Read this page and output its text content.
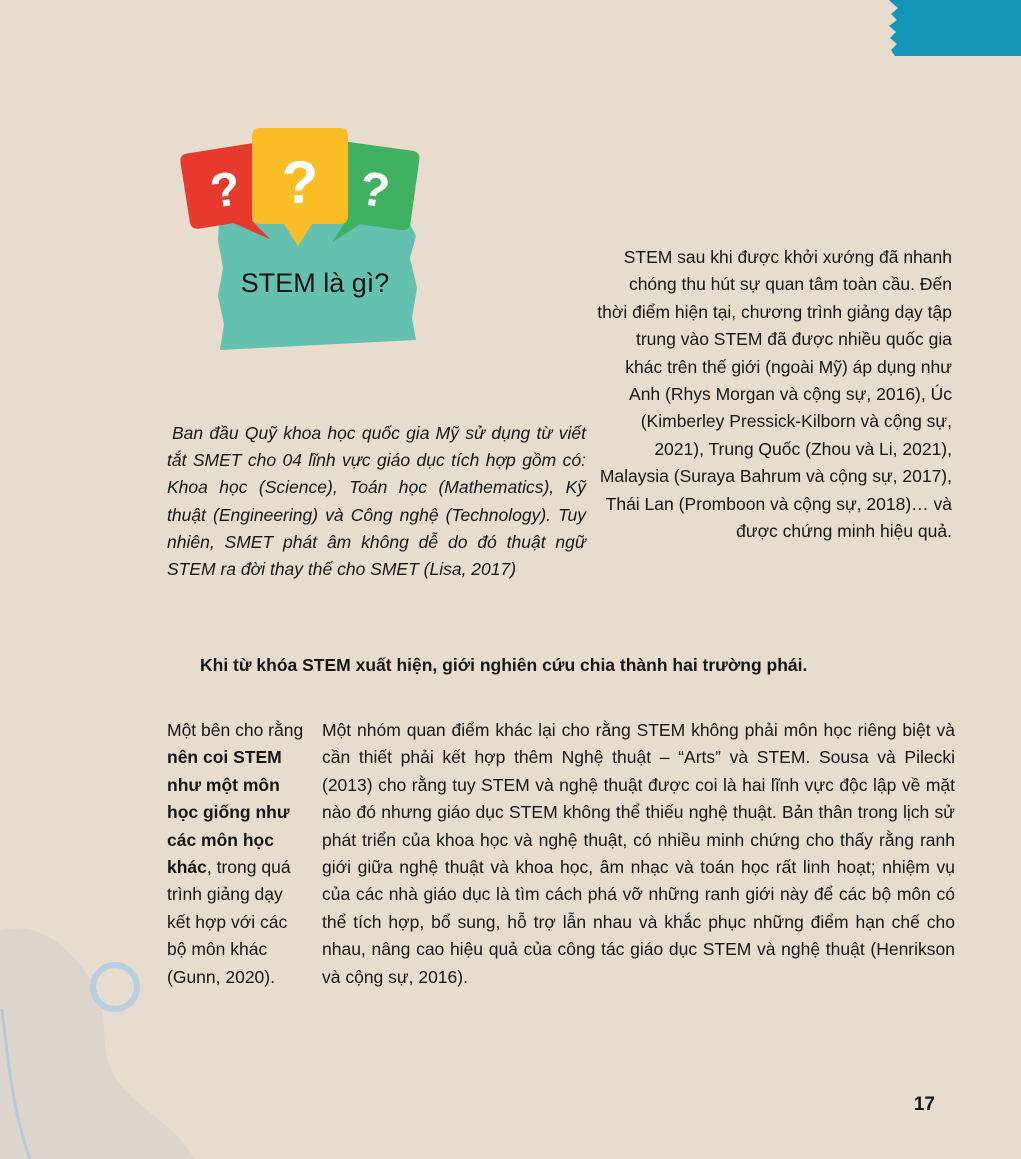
? ?
?
STEM là gì?
Ban đầu Quỹ khoa học quốc gia Mỹ sử dụng từ viết tắt SMET cho 04 lĩnh vực giáo dục tích hợp gồm có: Khoa học (Science), Toán học (Mathematics), Kỹ thuật (Engineering) và Công nghệ (Technology). Tuy nhiên, SMET phát âm không dễ do đó thuật ngữ STEM ra đời thay thế cho SMET (Lisa, 2017)
STEM sau khi được khởi xướng đã nhanh chóng thu hút sự quan tâm toàn cầu. Đến thời điểm hiện tại, chương trình giảng dạy tập trung vào STEM đã được nhiều quốc gia khác trên thế giới (ngoài Mỹ) áp dụng như Anh (Rhys Morgan và cộng sự, 2016), Úc (Kimberley Pressick-Kilborn và cộng sự, 2021), Trung Quốc (Zhou và Li, 2021), Malaysia (Suraya Bahrum và cộng sự, 2017), Thái Lan (Promboon và cộng sự, 2018)… và được chứng minh hiệu quả.
Khi từ khóa STEM xuất hiện, giới nghiên cứu chia thành hai trường phái.
Một bên cho rằng nên coi STEM như một môn học giống như các môn học khác, trong quá trình giảng dạy kết hợp với các bộ môn khác (Gunn, 2020).
Một nhóm quan điểm khác lại cho rằng STEM không phải môn học riêng biệt và cần thiết phải kết hợp thêm Nghệ thuật – “Arts” và STEM. Sousa và Pilecki (2013) cho rằng tuy STEM và nghệ thuật được coi là hai lĩnh vực độc lập về mặt nào đó nhưng giáo dục STEM không thể thiếu nghệ thuật. Bản thân trong lịch sử phát triển của khoa học và nghệ thuật, có nhiều minh chứng cho thấy rằng ranh giới giữa nghệ thuật và khoa học, âm nhạc và toán học rất linh hoạt; nhiệm vụ của các nhà giáo dục là tìm cách phá vỡ những ranh giới này để các bộ môn có thể tích hợp, bổ sung, hỗ trợ lẫn nhau và khắc phục những điểm hạn chế cho nhau, nâng cao hiệu quả của công tác giáo dục STEM và nghệ thuật (Henrikson và cộng sự, 2016).
17
